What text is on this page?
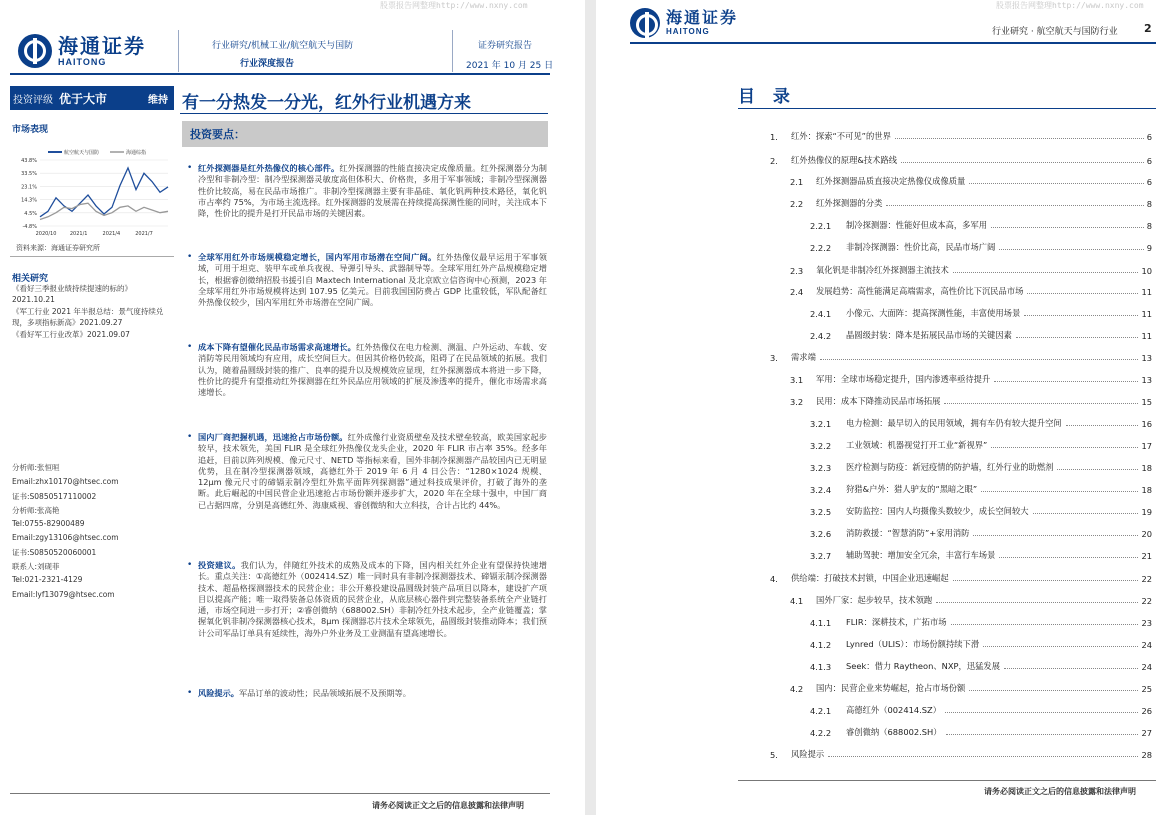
股票报告网整理http://www.nxny.com
海通证券
HAITONG
行业研究/机械工业/航空航天与国防
行业深度报告
证券研究报告
2021 年 10 月 25 日
投资评级 优于大市	维持 有一分热发一分光，红外行业机遇方来
市场表现
43.8%
33.5%
23.1%
14.3%
4.5%
-4.8%
2020/10	2021/1	2021/4	2021/7
航空航天与国防	海通综指
资料来源：海通证券研究所
相关研究
《看好三季报业绩持续提速的标的》 2021.10.21
《军工行业 2021 年半报总结：景气度持续兑现，多项指标新高》2021.09.27
《看好军工行业改革》2021.09.07
分析师:张恒晅
Email:zhx10170@htsec.com
证书:S0850517110002
分析师:张高艳
Tel:0755-82900489
Email:zgy13106@htsec.com
证书:S0850520060001
联系人:刘砚菲
Tel:021-2321-4129
Email:lyf13079@htsec.com
投资要点：
• 红外探测器是红外热像仪的核心部件。红外探测器的性能直接决定成像质量。红外探测器分为制冷型和非制冷型：制冷型探测器灵敏度高但体积大、价格贵，多用于军事领域；非制冷型探测器性价比较高，易在民品市场推广。非制冷型探测器主要有非晶硅、氧化钒两种技术路径，氧化钒市占率约 75%，为市场主流选择。红外探测器的发展需在持续提高探测性能的同时，关注成本下降，性价比的提升是打开民品市场的关键因素。
• 全球军用红外市场规模稳定增长，国内军用市场潜在空间广阔。红外热像仪最早运用于军事领域，可用于坦克、装甲车或单兵夜视、导弹引导头、武器制导等。全球军用红外产品规模稳定增长，根据睿创微纳招股书援引自 Maxtech International 及北京欧立信咨询中心预测，2023 年全球军用红外市场规模将达到 107.95 亿美元。目前我国国防费占 GDP 比重较低，军队配备红外热像仪较少，国内军用红外市场潜在空间广阔。
• 成本下降有望催化民品市场需求高速增长。红外热像仪在电力检测、测温、户外运动、车载、安消防等民用领域均有应用，成长空间巨大。但因其价格仍较高，阻碍了在民品领域的拓展。我们认为，随着晶圆级封装的推广、良率的提升以及规模效应显现，红外探测器成本将进一步下降，性价比的提升有望推动红外探测器在红外民品应用领域的扩展及渗透率的提升，催化市场需求高速增长。
• 国内厂商把握机遇，迅速抢占市场份额。红外成像行业资质壁垒及技术壁垒较高，欧美国家起步较早，技术领先，美国 FLIR 是全球红外热像仪龙头企业，2020 年 FLIR 市占率 35%。经多年追赶，目前以阵列规模、像元尺寸、NETD 等指标来看，国外非制冷探测器产品较国内已无明显优势，且在制冷型探测器领域，高德红外于 2019 年 6 月 4 日公告：“1280×1024 规模、12μm 像元尺寸的碲镉汞制冷型红外焦平面阵列探测器”通过科技成果评价，打破了海外的垄断。此后崛起的中国民营企业迅速抢占市场份额并逐步扩大，2020 年在全球十强中，中国厂商已占据四席，分别是高德红外、海康威视、睿创微纳和大立科技，合计占比约 44%。
• 投资建议。我们认为，伴随红外技术的成熟及成本的下降，国内相关红外企业有望保持快速增长。重点关注：①高德红外（002414.SZ）唯一同时具有非制冷探测器技术、碲镉汞制冷探测器技术、超晶格探测器技术的民营企业；非公开募投建设晶圆级封装产品项目以降本，建设扩产项目以提高产能；唯一取得装备总体资质的民营企业，从底层核心器件到完整装备系统全产业链打通，市场空间进一步打开；②睿创微纳（688002.SH）非制冷红外技术起步，全产业链覆盖；掌握氧化钒非制冷探测器核心技术，8μm 探测器芯片技术全球领先，晶圆级封装推动降本；我们预计公司军品订单具有延续性，海外户外业务及工业测温有望高速增长。
• 风险提示。军品订单的波动性；民品领域拓展不及预期等。
请务必阅读正文之后的信息披露和法律声明
股票报告网整理http://www.nxny.com
海通证券
HAITONG	行业研究 · 航空航天与国防行业 2
目 录
1.	红外：探索“不可见”的世界	6
2.	红外热像仪的原理&技术路线	6
2.1	红外探测器品质直接决定热像仪成像质量	6
2.2	红外探测器的分类	8
2.2.1	制冷探测器：性能好但成本高，多军用	8
2.2.2	非制冷探测器：性价比高，民品市场广阔	9
2.3	氧化钒是非制冷红外探测器主流技术	10
2.4	发展趋势：高性能满足高端需求，高性价比下沉民品市场	11
2.4.1	小像元、大面阵：提高探测性能，丰富使用场景	11
2.4.2	晶圆级封装：降本是拓展民品市场的关键因素	11
3.	需求端	13
3.1	军用：全球市场稳定提升，国内渗透率亟待提升	13
3.2	民用：成本下降推动民品市场拓展	15
3.2.1	电力检测：最早切入的民用领域，拥有车仍有较大提升空间	16
3.2.2	工业领域：机器视觉打开工业“新视界”	17
3.2.3	医疗检测与防疫：新冠疫情的防护墙，红外行业的助燃剂	18
3.2.4	狩猎&户外：猎人驴友的“黑暗之眼”	18
3.2.5	安防监控：国内人均摄像头数较少，成长空间较大	19
3.2.6	消防救援：“智慧消防”+家用消防	20
3.2.7	辅助驾驶：增加安全冗余，丰富行车场景	21
4.	供给端：打破技术封锁，中国企业迅速崛起	22
4.1	国外厂家：起步较早，技术领跑	22
4.1.1	FLIR：深耕技术，广拓市场	23
4.1.2	Lynred（ULIS）：市场份额持续下滑	24
4.1.3	Seek：借力 Raytheon、NXP，迅猛发展	24
4.2	国内：民营企业来势崛起，抢占市场份额	25
4.2.1	高德红外（002414.SZ）	26
4.2.2	睿创微纳（688002.SH）	27
5.	风险提示	28
请务必阅读正文之后的信息披露和法律声明
